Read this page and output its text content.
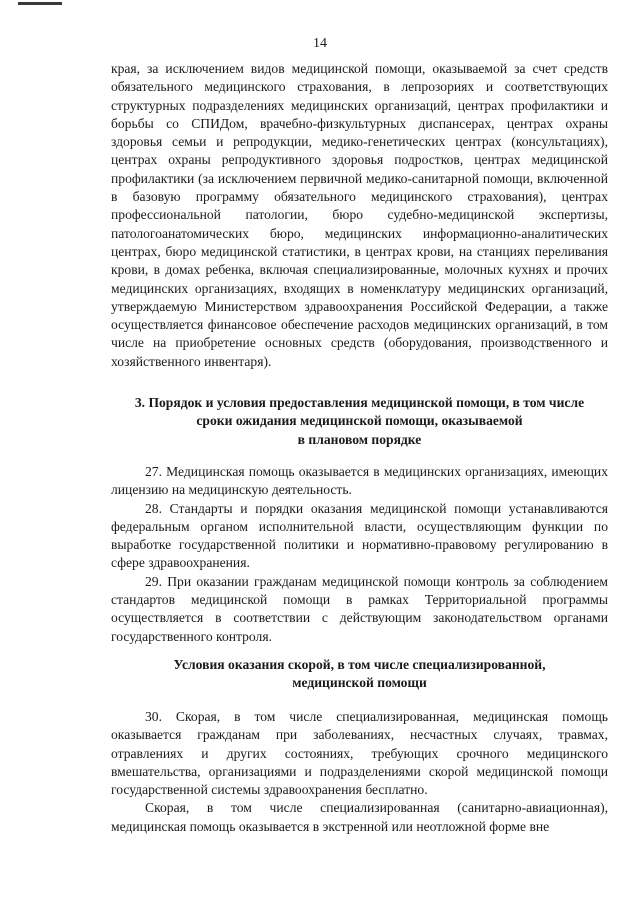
14

края, за исключением видов медицинской помощи, оказываемой за счет средств обязательного медицинского страхования, в лепрозориях и соответствующих структурных подразделениях медицинских организаций, центрах профилактики и борьбы со СПИДом, врачебно-физкультурных диспансерах, центрах охраны здоровья семьи и репродукции, медико-генетических центрах (консультациях), центрах охраны репродуктивного здоровья подростков, центрах медицинской профилактики (за исключением первичной медико-санитарной помощи, включенной в базовую программу обязательного медицинского страхования), центрах профессиональной патологии, бюро судебно-медицинской экспертизы, патологоанатомических бюро, медицинских информационно-аналитических центрах, бюро медицинской статистики, в центрах крови, на станциях переливания крови, в домах ребенка, включая специализированные, молочных кухнях и прочих медицинских организациях, входящих в номенклатуру медицинских организаций, утверждаемую Министерством здравоохранения Российской Федерации, а также осуществляется финансовое обеспечение расходов медицинских организаций, в том числе на приобретение основных средств (оборудования, производственного и хозяйственного инвентаря).

3. Порядок и условия предоставления медицинской помощи, в том числе
сроки ожидания медицинской помощи, оказываемой
в плановом порядке

27. Медицинская помощь оказывается в медицинских организациях, имеющих лицензию на медицинскую деятельность.

28. Стандарты и порядки оказания медицинской помощи устанавливаются федеральным органом исполнительной власти, осуществляющим функции по выработке государственной политики и нормативно-правовому регулированию в сфере здравоохранения.

29. При оказании гражданам медицинской помощи контроль за соблюдением стандартов медицинской помощи в рамках Территориальной программы осуществляется в соответствии с действующим законодательством органами государственного контроля.

Условия оказания скорой, в том числе специализированной,
медицинской помощи

30. Скорая, в том числе специализированная, медицинская помощь оказывается гражданам при заболеваниях, несчастных случаях, травмах, отравлениях и других состояниях, требующих срочного медицинского вмешательства, организациями и подразделениями скорой медицинской помощи государственной системы здравоохранения бесплатно.

Скорая, в том числе специализированная (санитарно-авиационная), медицинская помощь оказывается в экстренной или неотложной форме вне
